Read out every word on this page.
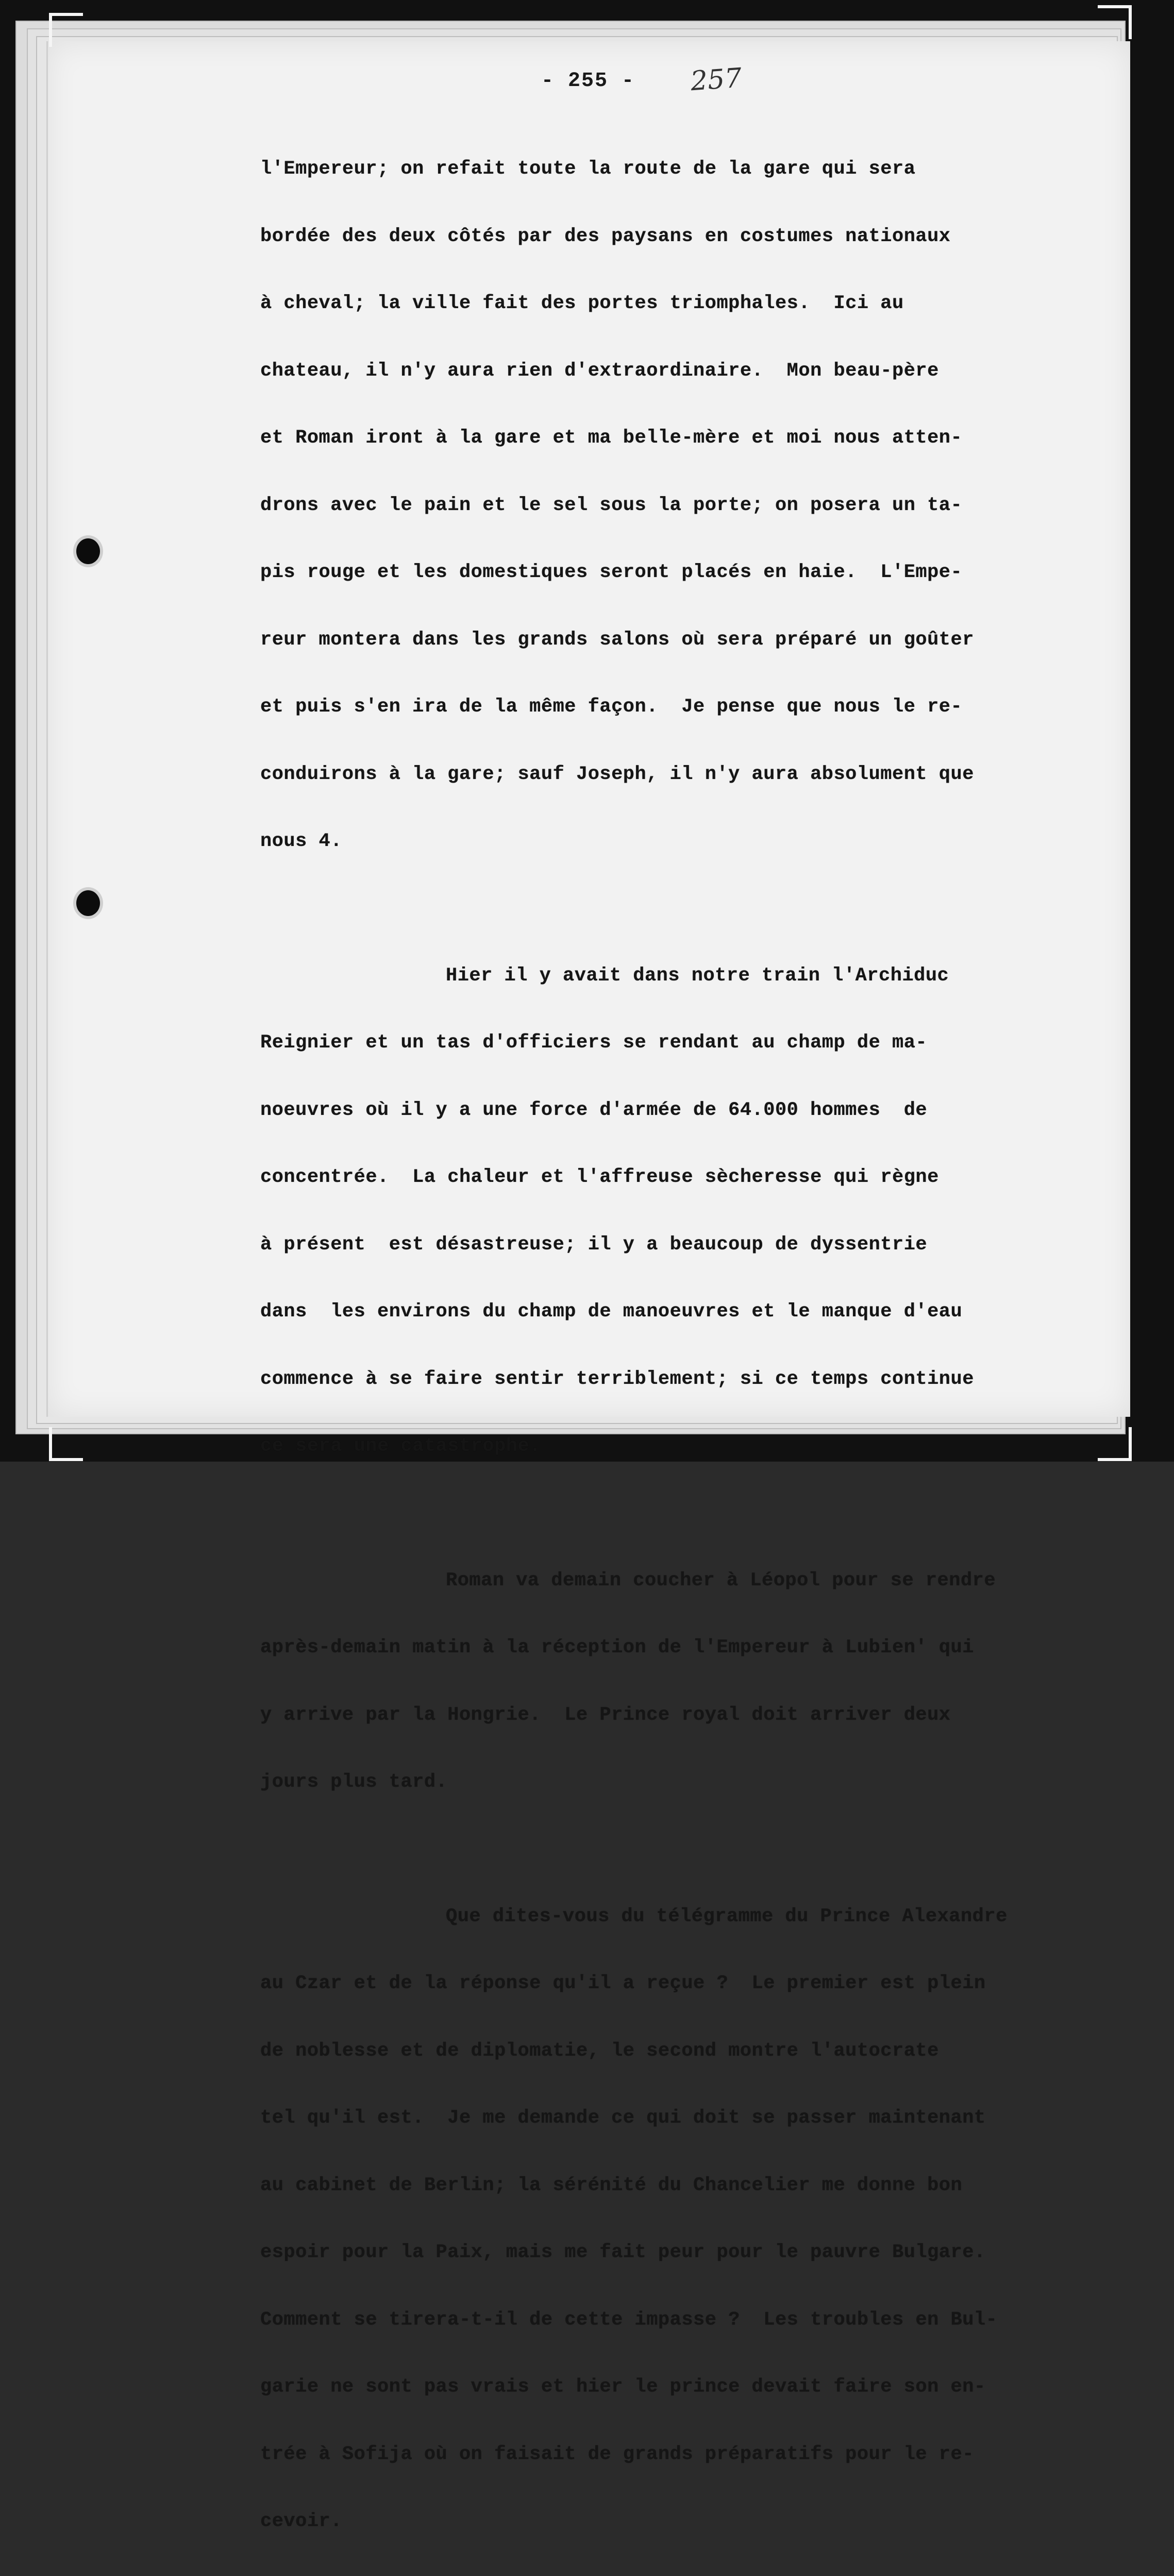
- 255 - 257

l'Empereur; on refait toute la route de la gare qui sera

bordée des deux côtés par des paysans en costumes nationaux

à cheval; la ville fait des portes triomphales.  Ici au

chateau, il n'y aura rien d'extraordinaire.  Mon beau-père

et Roman iront à la gare et ma belle-mère et moi nous atten-

drons avec le pain et le sel sous la porte; on posera un ta-

pis rouge et les domestiques seront placés en haie.  L'Empe-

reur montera dans les grands salons où sera préparé un goûter

et puis s'en ira de la même façon.  Je pense que nous le re-

conduirons à la gare; sauf Joseph, il n'y aura absolument que

nous 4.

Hier il y avait dans notre train l'Archiduc

Reignier et un tas d'officiers se rendant au champ de ma-

noeuvres où il y a une force d'armée de 64.000 hommes  de

concentrée.  La chaleur et l'affreuse sècheresse qui règne

à présent  est désastreuse; il y a beaucoup de dyssentrie

dans  les environs du champ de manoeuvres et le manque d'eau

commence à se faire sentir terriblement; si ce temps continue

ce sera une catastrophe.

Roman va demain coucher à Léopol pour se rendre

après-demain matin à la réception de l'Empereur à Lubien' qui

y arrive par la Hongrie.  Le Prince royal doit arriver deux

jours plus tard.

Que dites-vous du télégramme du Prince Alexandre

au Czar et de la réponse qu'il a reçue ?  Le premier est plein

de noblesse et de diplomatie, le second montre l'autocrate

tel qu'il est.  Je me demande ce qui doit se passer maintenant

au cabinet de Berlin; la sérénité du Chancelier me donne bon

espoir pour la Paix, mais me fait peur pour le pauvre Bulgare.

Comment se tirera-t-il de cette impasse ?  Les troubles en Bul-

garie ne sont pas vrais et hier le prince devait faire son en-

trée à Sofija où on faisait de grands préparatifs pour le re-

cevoir.
